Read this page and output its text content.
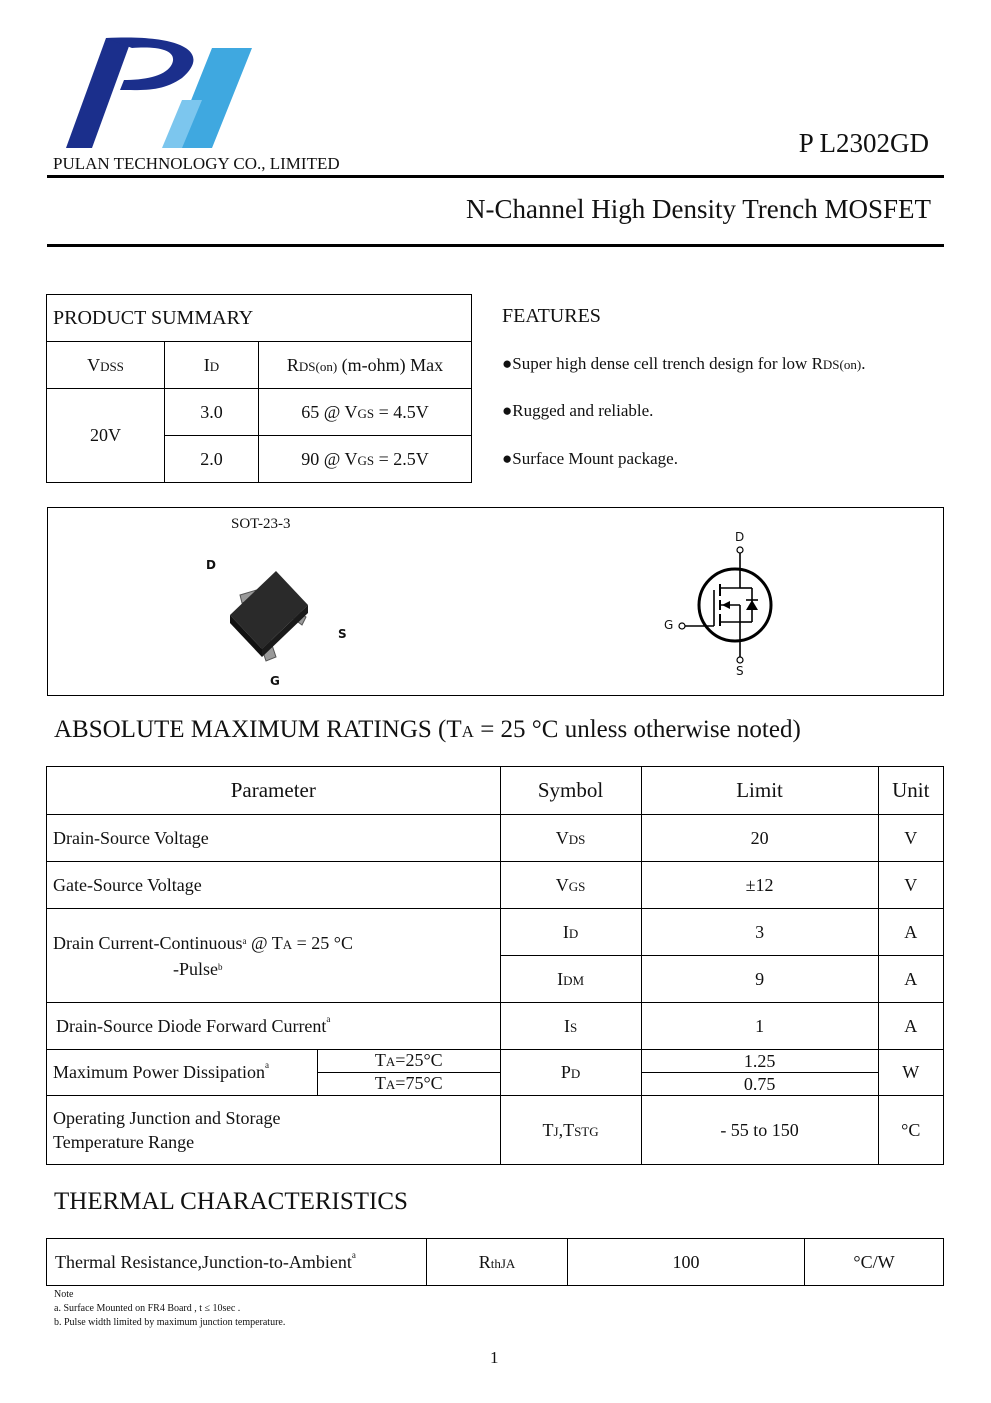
PULAN TECHNOLOGY CO., LIMITED
P L2302GD
N-Channel High Density Trench MOSFET
PRODUCT SUMMARY		
VDSS	ID	RDS(on) (m-ohm) Max
20V	3.0	65 @ VGS = 4.5V
	2.0	90 @ VGS = 2.5V
FEATURES
●Super high dense cell trench design for low RDS(on).
●Rugged and reliable.
●Surface Mount package.
SOT-23-3
D
S
G
D
G
S
ABSOLUTE MAXIMUM RATINGS (TA = 25 °C unless otherwise noted)
Parameter		Symbol	Limit	Unit
Drain-Source Voltage		VDS	20	V
Gate-Source Voltage		VGS	±12	V

Drain Current-Continuous$^a$ @ TA = 25 °C
-Pulse$^b$		ID	3	A
		IDM	9	A
Drain-Source Diode Forward Current$^a$		IS	1	A
Maximum Power Dissipation$^a$	TA=25°C	PD	1.25	W
	TA=75°C		0.75	

Operating Junction and Storage
Temperature Range		TJ,TSTG	- 55 to 150	°C
THERMAL CHARACTERISTICS
Thermal Resistance,Junction-to-Ambient$^a$	RthJA	100	°C/W
Note
a. Surface Mounted on FR4 Board , t ≤ 10sec .
b. Pulse width limited by maximum junction temperature.
1
